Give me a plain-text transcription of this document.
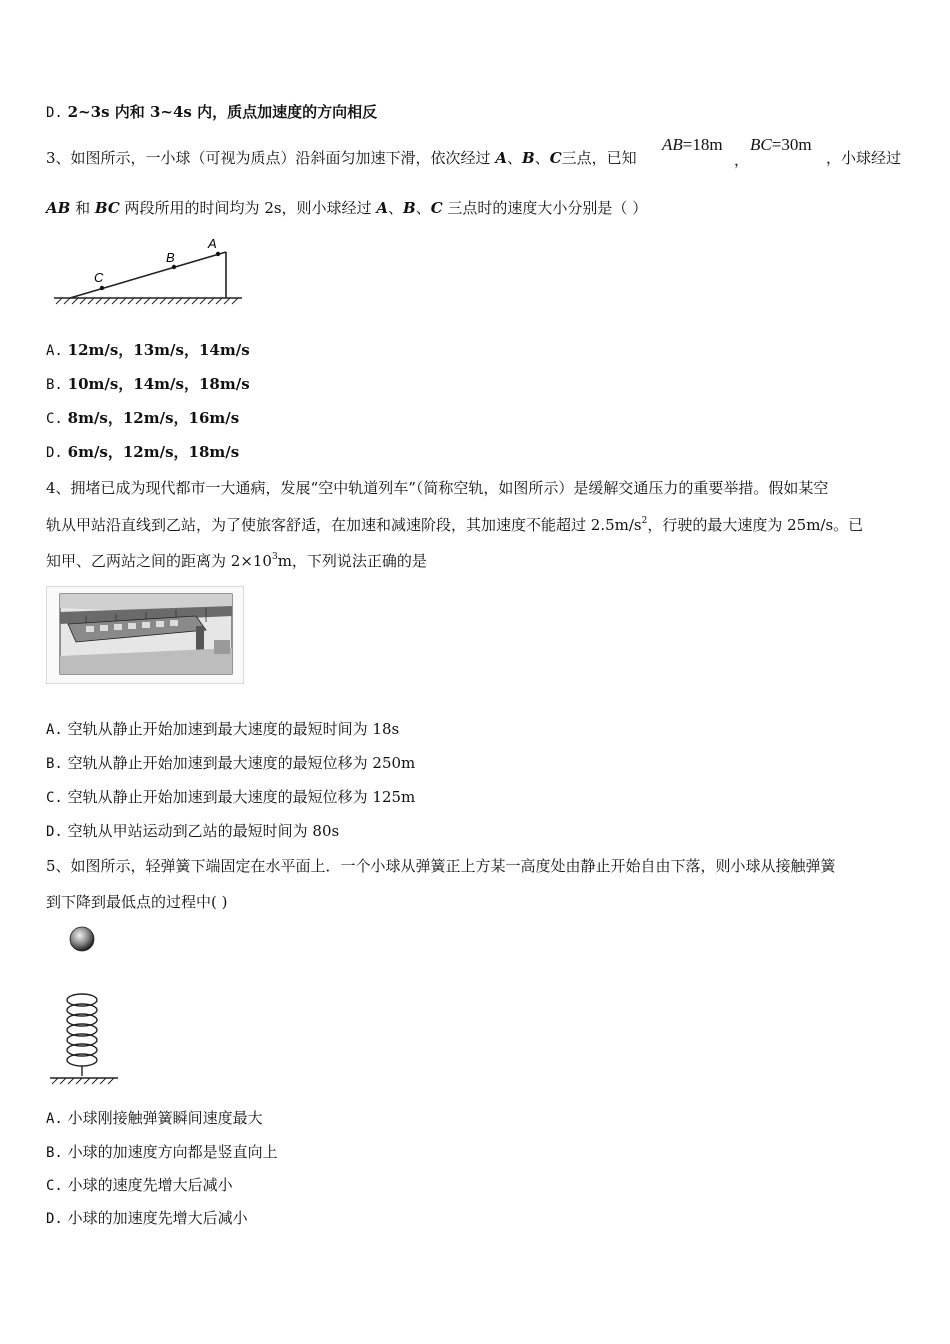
D. 2~3s 内和 3~4s 内，质点加速度的方向相反
3、如图所示，一小球（可视为质点）沿斜面匀加速下滑，依次经过 A、B、C三点，已知
AB=18m
，
BC=30m
，小球经过
AB 和 BC 两段所用的时间均为 2s，则小球经过 A、B、C 三点时的速度大小分别是（ ）
C
B
A
A. 12m/s，13m/s，14m/s
B. 10m/s，14m/s，18m/s
C. 8m/s，12m/s，16m/s
D. 6m/s，12m/s，18m/s
4、拥堵已成为现代都市一大通病，发展“空中轨道列车”（简称空轨，如图所示）是缓解交通压力的重要举措。假如某空
轨从甲站沿直线到乙站，为了使旅客舒适，在加速和减速阶段，其加速度不能超过 $2.5m/s^2$，行驶的最大速度为 25m/s。已
知甲、乙两站之间的距离为 $2\times 10^3m$，下列说法正确的是
A. 空轨从静止开始加速到最大速度的最短时间为 18s
B. 空轨从静止开始加速到最大速度的最短位移为 250m
C. 空轨从静止开始加速到最大速度的最短位移为 125m
D. 空轨从甲站运动到乙站的最短时间为 80s
5、如图所示，轻弹簧下端固定在水平面上．一个小球从弹簧正上方某一高度处由静止开始自由下落，则小球从接触弹簧
到下降到最低点的过程中( )
A. 小球刚接触弹簧瞬间速度最大
B. 小球的加速度方向都是竖直向上
C. 小球的速度先增大后减小
D. 小球的加速度先增大后减小
